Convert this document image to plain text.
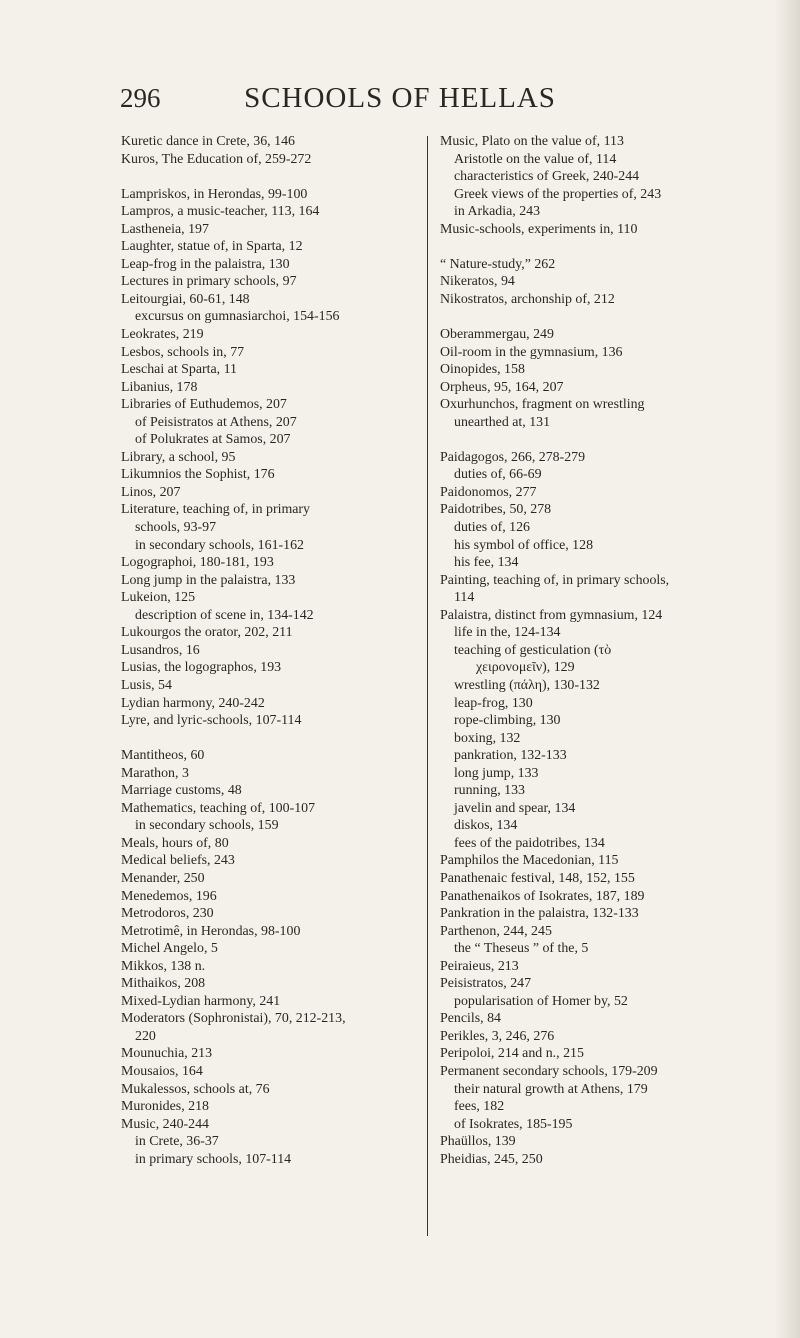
SCHOOLS OF HELLAS
296
Kuretic dance in Crete, 36, 146
Kuros, The Education of, 259-272
Lampriskos, in Herondas, 99-100
Lampros, a music-teacher, 113, 164
Lastheneia, 197
Laughter, statue of, in Sparta, 12
Leap-frog in the palaistra, 130
Lectures in primary schools, 97
Leitourgiai, 60-61, 148
excursus on gumnasiarchoi, 154-156
Leokrates, 219
Lesbos, schools in, 77
Leschai at Sparta, 11
Libanius, 178
Libraries of Euthudemos, 207
of Peisistratos at Athens, 207
of Polukrates at Samos, 207
Library, a school, 95
Likumnios the Sophist, 176
Linos, 207
Literature, teaching of, in primary
schools, 93-97
in secondary schools, 161-162
Logographoi, 180-181, 193
Long jump in the palaistra, 133
Lukeion, 125
description of scene in, 134-142
Lukourgos the orator, 202, 211
Lusandros, 16
Lusias, the logographos, 193
Lusis, 54
Lydian harmony, 240-242
Lyre, and lyric-schools, 107-114
Mantitheos, 60
Marathon, 3
Marriage customs, 48
Mathematics, teaching of, 100-107
in secondary schools, 159
Meals, hours of, 80
Medical beliefs, 243
Menander, 250
Menedemos, 196
Metrodoros, 230
Metrotimê, in Herondas, 98-100
Michel Angelo, 5
Mikkos, 138 n.
Mithaikos, 208
Mixed-Lydian harmony, 241
Moderators (Sophronistai), 70, 212-213,
220
Mounuchia, 213
Mousaios, 164
Mukalessos, schools at, 76
Muronides, 218
Music, 240-244
in Crete, 36-37
in primary schools, 107-114
Music, Plato on the value of, 113
Aristotle on the value of, 114
characteristics of Greek, 240-244
Greek views of the properties of, 243
in Arkadia, 243
Music-schools, experiments in, 110
“ Nature-study,” 262
Nikeratos, 94
Nikostratos, archonship of, 212
Oberammergau, 249
Oil-room in the gymnasium, 136
Oinopides, 158
Orpheus, 95, 164, 207
Oxurhunchos, fragment on wrestling
unearthed at, 131
Paidagogos, 266, 278-279
duties of, 66-69
Paidonomos, 277
Paidotribes, 50, 278
duties of, 126
his symbol of office, 128
his fee, 134
Painting, teaching of, in primary schools,
114
Palaistra, distinct from gymnasium, 124
life in the, 124-134
teaching of gesticulation (τὸ
χειρονομεῖν), 129
wrestling (πάλη), 130-132
leap-frog, 130
rope-climbing, 130
boxing, 132
pankration, 132-133
long jump, 133
running, 133
javelin and spear, 134
diskos, 134
fees of the paidotribes, 134
Pamphilos the Macedonian, 115
Panathenaic festival, 148, 152, 155
Panathenaikos of Isokrates, 187, 189
Pankration in the palaistra, 132-133
Parthenon, 244, 245
the “ Theseus ” of the, 5
Peiraieus, 213
Peisistratos, 247
popularisation of Homer by, 52
Pencils, 84
Perikles, 3, 246, 276
Peripoloi, 214 and n., 215
Permanent secondary schools, 179-209
their natural growth at Athens, 179
fees, 182
of Isokrates, 185-195
Phaüllos, 139
Pheidias, 245, 250
